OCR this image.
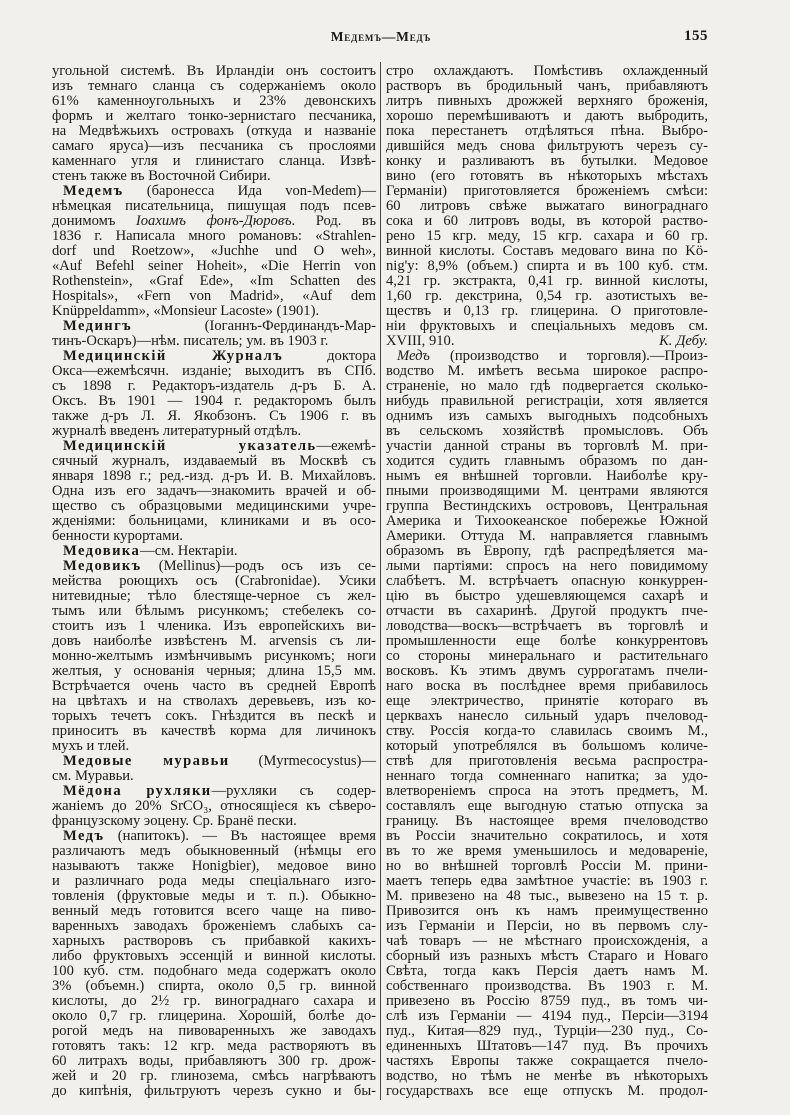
Медемъ—Медъ	155
угольной системѣ. Въ Ирландіи онъ состоитъ
изъ темнаго сланца съ содержаніемъ около
61% каменноугольныхъ и 23% девонскихъ
формъ и желтаго тонко-зернистаго песчаника,
на Медвѣжьихъ островахъ (откуда и названіе
самаго яруса)—изъ песчаника съ прослоями
каменнаго угля и глинистаго сланца. Извѣ-
стенъ также въ Восточной Сибири.
Медемъ (баронесса Ида von-Medem)—
нѣмецкая писательница, пишущая подъ псев-
донимомъ Іоахимъ фонъ-Дюровъ. Род. въ
1836 г. Написала много романовъ: «Strahlen-
dorf und Roetzow», «Juchhe und O weh»,
«Auf Befehl seiner Hoheit», «Die Herrin von
Rothenstein», «Graf Ede», «Im Schatten des
Hospitals», «Fern von Madrid», «Auf dem
Knüppeldamm», «Monsieur Lacoste» (1901).
Медингъ (Іоганнъ-Фердинандъ-Мар-
тинъ-Оскаръ)—нѣм. писатель; ум. въ 1903 г.
Медицинскій Журналъ доктора
Окса—ежемѣсячн. изданіе; выходитъ въ СПб.
съ 1898 г. Редакторъ-издатель д-ръ Б. А.
Оксъ. Въ 1901 — 1904 г. редакторомъ былъ
также д-ръ Л. Я. Якобзонъ. Съ 1906 г. въ
журналѣ введенъ литературный отдѣлъ.
Медицинскій указатель—ежемѣ-
сячный журналъ, издаваемый въ Москвѣ съ
января 1898 г.; ред.-изд. д-ръ И. В. Михайловъ.
Одна изъ его задачъ—знакомить врачей и об-
щество съ образцовыми медицинскими учре-
жденіями: больницами, клиниками и въ осо-
бенности курортами.
Медовика—см. Нектаріи.
Медовикъ (Mellinus)—родъ осъ изъ се-
мейства роющихъ осъ (Crabronidae). Усики
нитевидные; тѣло блестяще-черное съ жел-
тымъ или бѣлымъ рисункомъ; стебелекъ со-
стоитъ изъ 1 членика. Изъ европейскихъ ви-
довъ наиболѣе извѣстенъ M. arvensis съ ли-
монно-желтымъ измѣнчивымъ рисункомъ; ноги
желтыя, у основанія черныя; длина 15,5 мм.
Встрѣчается очень часто въ средней Европѣ
на цвѣтахъ и на стволахъ деревьевъ, изъ ко-
торыхъ течетъ сокъ. Гнѣздится въ пескѣ и
приноситъ въ качествѣ корма для личинокъ
мухъ и тлей.
Медовые муравьи (Myrmecocystus)—
см. Муравьи.
Мёдона рухляки—рухляки съ содер-
жаніемъ до 20% SrCO₃, относящіеся къ сѣверо-
французскому эоцену. Ср. Бранё пески.
Медъ (напитокъ). — Въ настоящее время
различаютъ медъ обыкновенный (нѣмцы его
называютъ также Honigbier), медовое вино
и различнаго рода меды спеціальнаго изго-
товленія (фруктовые меды и т. п.). Обыкно-
венный медъ готовится всего чаще на пиво-
варенныхъ заводахъ броженіемъ слабыхъ са-
харныхъ растворовъ съ прибавкой какихъ-
либо фруктовыхъ эссенцій и винной кислоты.
100 куб. стм. подобнаго меда содержатъ около
3% (объемн.) спирта, около 0,5 гр. винной
кислоты, до 2½ гр. винограднаго сахара и
около 0,7 гр. глицерина. Хорошій, болѣе до-
рогой медъ на пивоваренныхъ же заводахъ
готовятъ такъ: 12 кгр. меда растворяютъ въ
60 литрахъ воды, прибавляютъ 300 гр. дрож-
жей и 20 гр. глинозема, смѣсь нагрѣваютъ
до кипѣнія, фильтруютъ черезъ сукно и бы-
стро охлаждаютъ. Помѣстивъ охлажденный
растворъ въ бродильный чанъ, прибавляютъ
литръ пивныхъ дрожжей верхняго броженія,
хорошо перемѣшиваютъ и даютъ выбродить,
пока перестанетъ отдѣляться пѣна. Выбро-
дившійся медъ снова фильтруютъ черезъ су-
конку и разливаютъ въ бутылки. Медовое
вино (его готовятъ въ нѣкоторыхъ мѣстахъ
Германіи) приготовляется броженіемъ смѣси:
60 литровъ свѣже выжатаго винограднаго
сока и 60 литровъ воды, въ которой раство-
рено 15 кгр. меду, 15 кгр. сахара и 60 гр.
винной кислоты. Составъ медоваго вина по Kö-
nig'y: 8,9% (объем.) спирта и въ 100 куб. стм.
4,21 гр. экстракта, 0,41 гр. винной кислоты,
1,60 гр. декстрина, 0,54 гр. азотистыхъ ве-
ществъ и 0,13 гр. глицерина. О приготовле-
ніи фруктовыхъ и спеціальныхъ медовъ см.
XVIII, 910.	К. Дебу.
Медъ (производство и торговля).—Произ-
водство М. имѣетъ весьма широкое распро-
страненіе, но мало гдѣ подвергается сколько-
нибудь правильной регистраціи, хотя является
однимъ изъ самыхъ выгодныхъ подсобныхъ
въ сельскомъ хозяйствѣ промысловъ. Объ
участіи данной страны въ торговлѣ М. при-
ходится судить главнымъ образомъ по дан-
нымъ ея внѣшней торговли. Наиболѣе кру-
пными производящими М. центрами являются
группа Вестиндскихъ острововъ, Центральная
Америка и Тихоокеанское побережье Южной
Америки. Оттуда М. направляется главнымъ
образомъ въ Европу, гдѣ распредѣляется ма-
лыми партіями: спросъ на него повидимому
слабѣетъ. М. встрѣчаетъ опасную конкуррен-
цію въ быстро удешевляющемся сахарѣ и
отчасти въ сахаринѣ. Другой продуктъ пче-
ловодства—воскъ—встрѣчаетъ въ торговлѣ и
промышленности еще болѣе конкуррентовъ
со стороны минеральнаго и растительнаго
восковъ. Къ этимъ двумъ суррогатамъ пчели-
наго воска въ послѣднее время прибавилось
еще электричество, принятіе котораго въ
церквахъ нанесло сильный ударъ пчеловод-
ству. Россія когда-то славилась своимъ М.,
который употреблялся въ большомъ количе-
ствѣ для приготовленія весьма распростра-
неннаго тогда сомненнаго напитка; за удо-
влетвореніемъ спроса на этотъ предметъ, М.
составлялъ еще выгодную статью отпуска за
границу. Въ настоящее время пчеловодство
въ Россіи значительно сократилось, и хотя
въ то же время уменьшилось и медовареніе,
но во внѣшней торговлѣ Россіи М. прини-
маетъ теперь едва замѣтное участіе: въ 1903 г.
М. привезено на 48 тыс., вывезено на 15 т. р.
Привозится онъ къ намъ преимущественно
изъ Германіи и Персіи, но въ первомъ слу-
чаѣ товаръ — не мѣстнаго происхожденія, а
сборный изъ разныхъ мѣстъ Стараго и Новаго
Свѣта, тогда какъ Персія даетъ намъ М.
собственнаго производства. Въ 1903 г. М.
привезено въ Россію 8759 пуд., въ томъ чи-
слѣ изъ Германіи — 4194 пуд., Персіи—3194
пуд., Китая—829 пуд., Турціи—230 пуд., Со-
единенныхъ Штатовъ—147 пуд. Въ прочихъ
частяхъ Европы также сокращается пчело-
водство, но тѣмъ не менѣе въ нѣкоторыхъ
государствахъ все еще отпускъ М. продол-
